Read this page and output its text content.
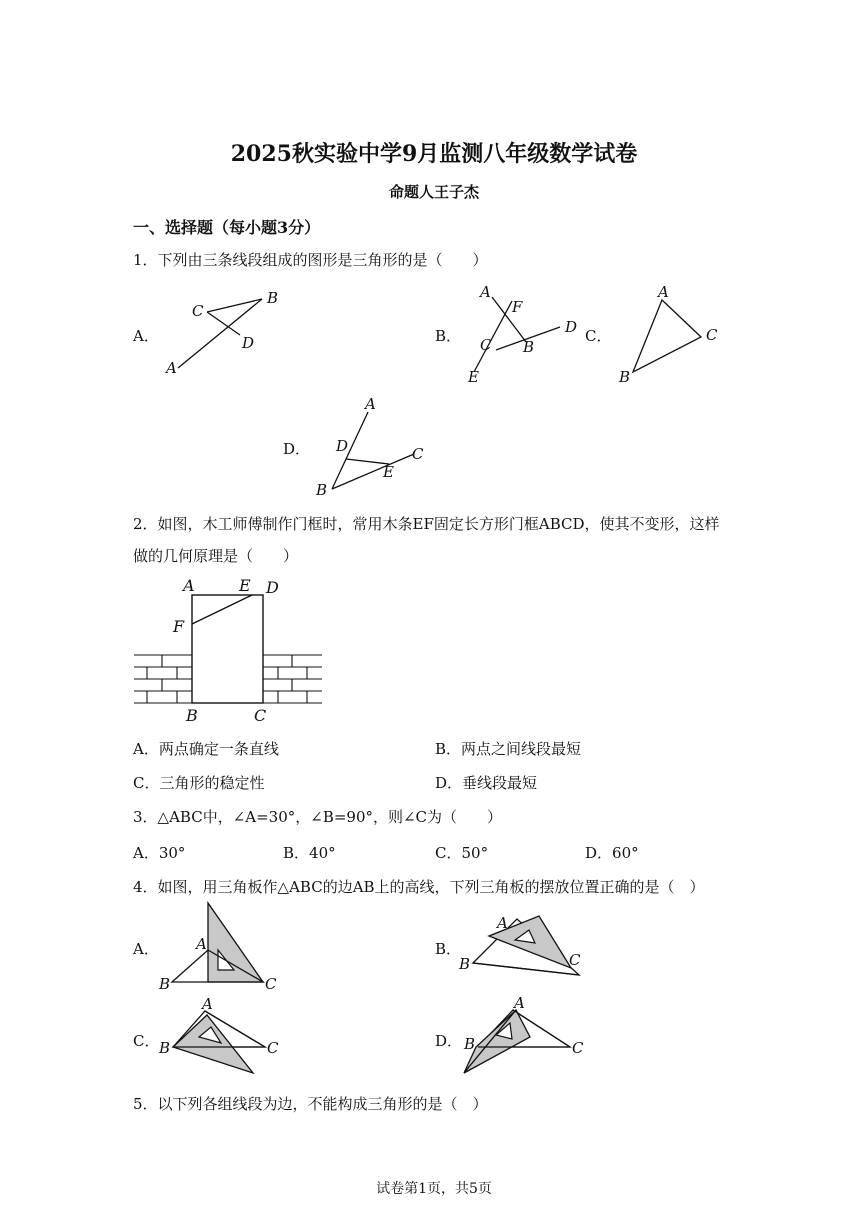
2025秋实验中学9月监测八年级数学试卷
命题人王子杰
一、选择题（每小题3分）
1．下列由三条线段组成的图形是三角形的是（　　）
A．
C
B
D
A
B．
A
F
C B
D
E
C．
A
C
B
D．
A
D	C
E
B
2．如图，木工师傅制作门框时，常用木条EF固定长方形门框ABCD，使其不变形，这样
做的几何原理是（　　）
A	E D
F
B	C
A．两点确定一条直线	B．两点之间线段最短
C．三角形的稳定性	D．垂线段最短
3．△ABC中，∠A=30°，∠B=90°，则∠C为（　　）
A．30°	B．40°	C．50°	D．60°
4．如图，用三角板作△ABC的边AB上的高线，下列三角板的摆放位置正确的是（　）
A． A
B	C
B．
A
B	C
C．
A
B	C	D．
A
B	C
5．以下列各组线段为边，不能构成三角形的是（　）
试卷第1页，共5页
